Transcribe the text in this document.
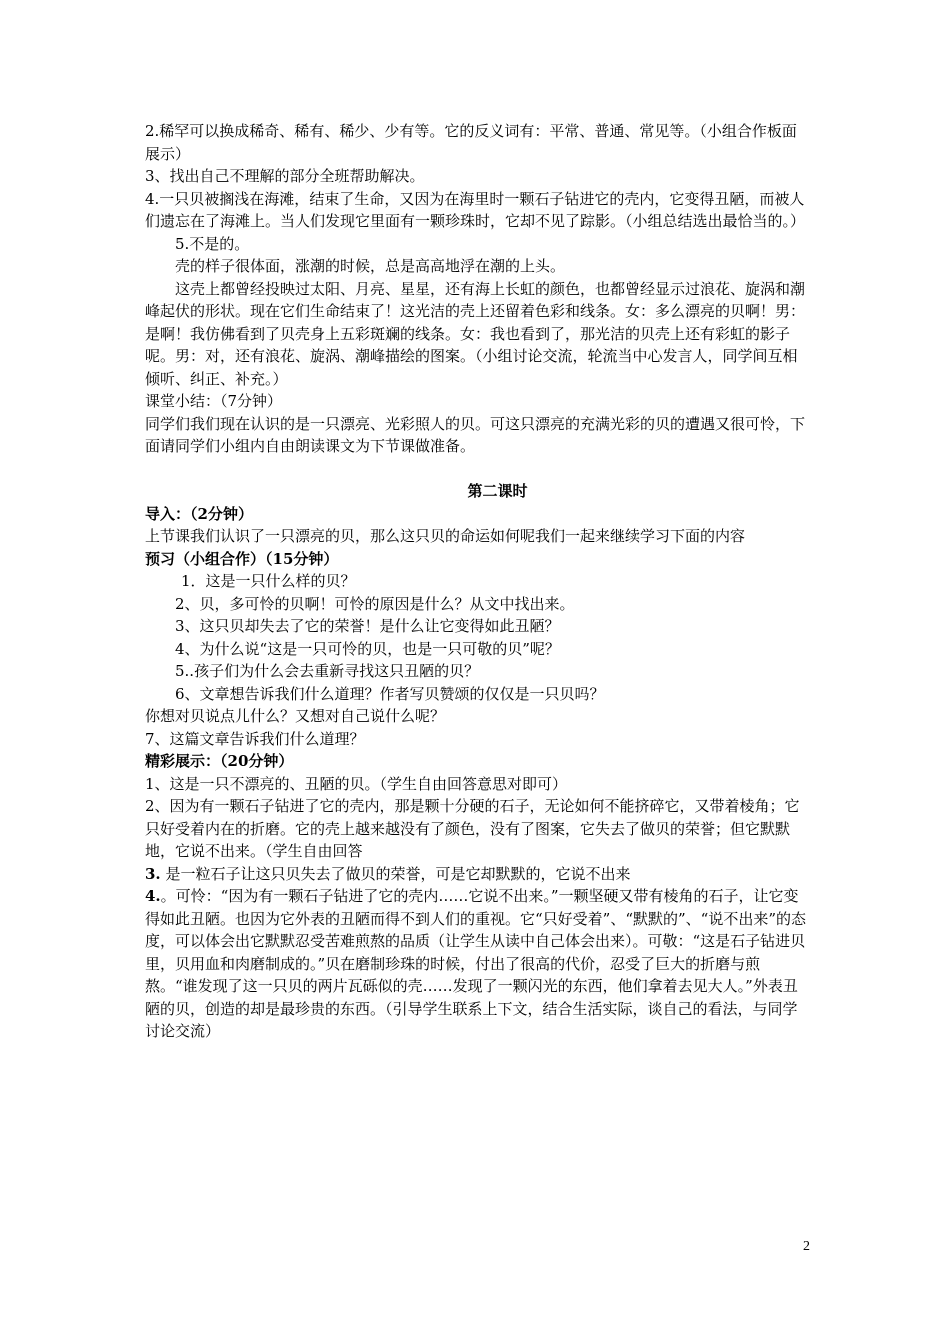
2.稀罕可以换成稀奇、稀有、稀少、少有等。它的反义词有：平常、普通、常见等。（小组合作板面展示）

3、找出自己不理解的部分全班帮助解决。

4.一只贝被搁浅在海滩，结束了生命，又因为在海里时一颗石子钻进它的壳内，它变得丑陋，而被人们遗忘在了海滩上。当人们发现它里面有一颗珍珠时，它却不见了踪影。（小组总结选出最恰当的。）

5.不是的。

壳的样子很体面，涨潮的时候，总是高高地浮在潮的上头。

这壳上都曾经投映过太阳、月亮、星星，还有海上长虹的颜色，也都曾经显示过浪花、旋涡和潮峰起伏的形状。现在它们生命结束了！这光洁的壳上还留着色彩和线条。女：多么漂亮的贝啊！男：是啊！我仿佛看到了贝壳身上五彩斑斓的线条。女：我也看到了，那光洁的贝壳上还有彩虹的影子呢。男：对，还有浪花、旋涡、潮峰描绘的图案。（小组讨论交流，轮流当中心发言人，同学间互相倾听、纠正、补充。）

课堂小结：（7分钟）

同学们我们现在认识的是一只漂亮、光彩照人的贝。可这只漂亮的充满光彩的贝的遭遇又很可怜，下面请同学们小组内自由朗读课文为下节课做准备。

第二课时

导入：（2分钟）

上节课我们认识了一只漂亮的贝，那么这只贝的命运如何呢我们一起来继续学习下面的内容

预习（小组合作）（15分钟）

1．这是一只什么样的贝？

2、贝，多可怜的贝啊！可怜的原因是什么？从文中找出来。

3、这只贝却失去了它的荣誉！是什么让它变得如此丑陋？

4、为什么说“这是一只可怜的贝，也是一只可敬的贝”呢？

5..孩子们为什么会去重新寻找这只丑陋的贝？

6、文章想告诉我们什么道理？作者写贝赞颂的仅仅是一只贝吗？

你想对贝说点儿什么？又想对自己说什么呢？

7、这篇文章告诉我们什么道理？

精彩展示：（20分钟）

1、这是一只不漂亮的、丑陋的贝。（学生自由回答意思对即可）

2、因为有一颗石子钻进了它的壳内，那是颗十分硬的石子，无论如何不能挤碎它，又带着棱角；它只好受着内在的折磨。它的壳上越来越没有了颜色，没有了图案，它失去了做贝的荣誉；但它默默地，它说不出来。（学生自由回答

3. 是一粒石子让这只贝失去了做贝的荣誉，可是它却默默的，它说不出来

4.。可怜：“因为有一颗石子钻进了它的壳内……它说不出来。”一颗坚硬又带有棱角的石子，让它变得如此丑陋。也因为它外表的丑陋而得不到人们的重视。它“只好受着”、“默默的”、“说不出来”的态度，可以体会出它默默忍受苦难煎熬的品质（让学生从读中自己体会出来）。可敬：“这是石子钻进贝里，贝用血和肉磨制成的。”贝在磨制珍珠的时候，付出了很高的代价，忍受了巨大的折磨与煎熬。“谁发现了这一只贝的两片瓦砾似的壳……发现了一颗闪光的东西，他们拿着去见大人。”外表丑陋的贝，创造的却是最珍贵的东西。（引导学生联系上下文，结合生活实际，谈自己的看法，与同学讨论交流）

2
